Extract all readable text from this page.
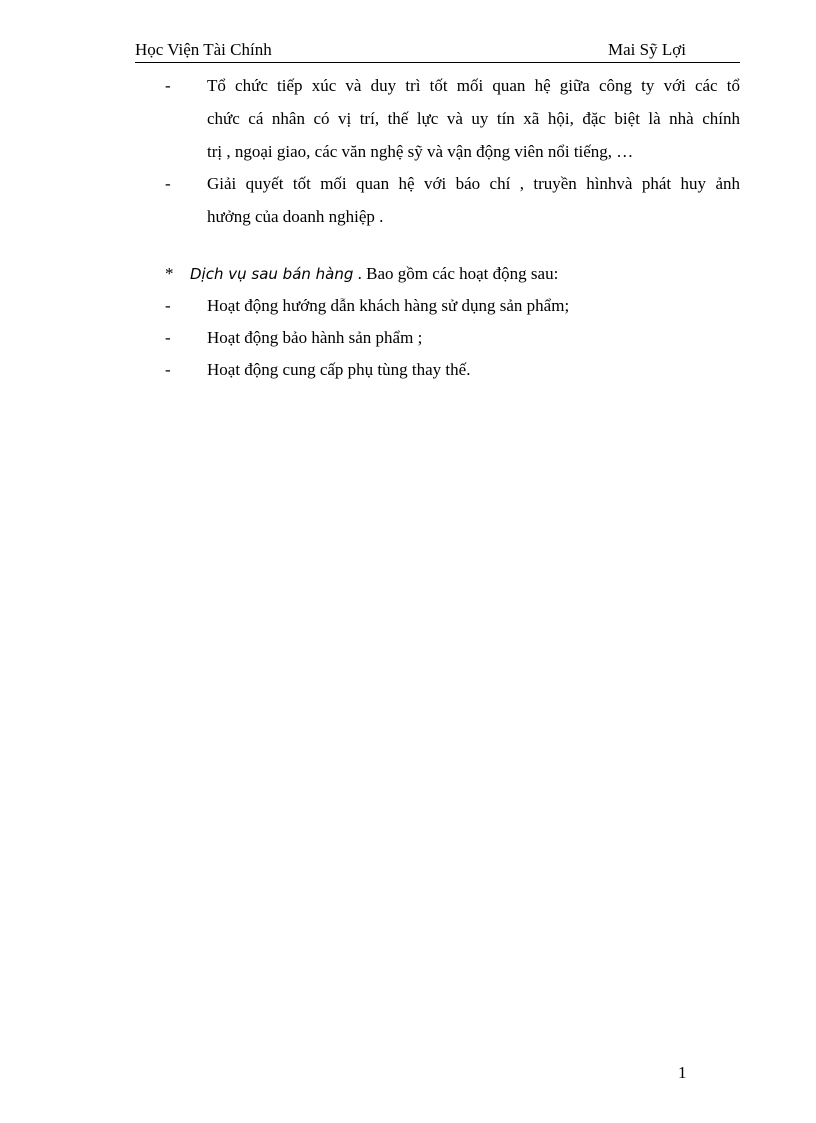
Học Viện Tài Chính	Mai Sỹ Lợi
-	Tổ chức tiếp xúc và duy trì tốt mối quan hệ giữa công ty với các tổ
chức cá nhân có vị trí, thế lực và uy tín xã hội, đặc biệt là nhà chính
trị , ngoại giao, các văn nghệ sỹ và vận động viên nổi tiếng, …
-	Giải quyết tốt mối quan hệ với báo chí , truyền hìnhvà phát huy ảnh
hưởng của doanh nghiệp .
* Dịch vụ sau bán hàng . Bao gồm các hoạt động sau:
-	Hoạt động hướng dẫn khách hàng sử dụng sản phẩm;
-	Hoạt động bảo hành sản phẩm ;
-	Hoạt động cung cấp phụ tùng thay thế.
1
